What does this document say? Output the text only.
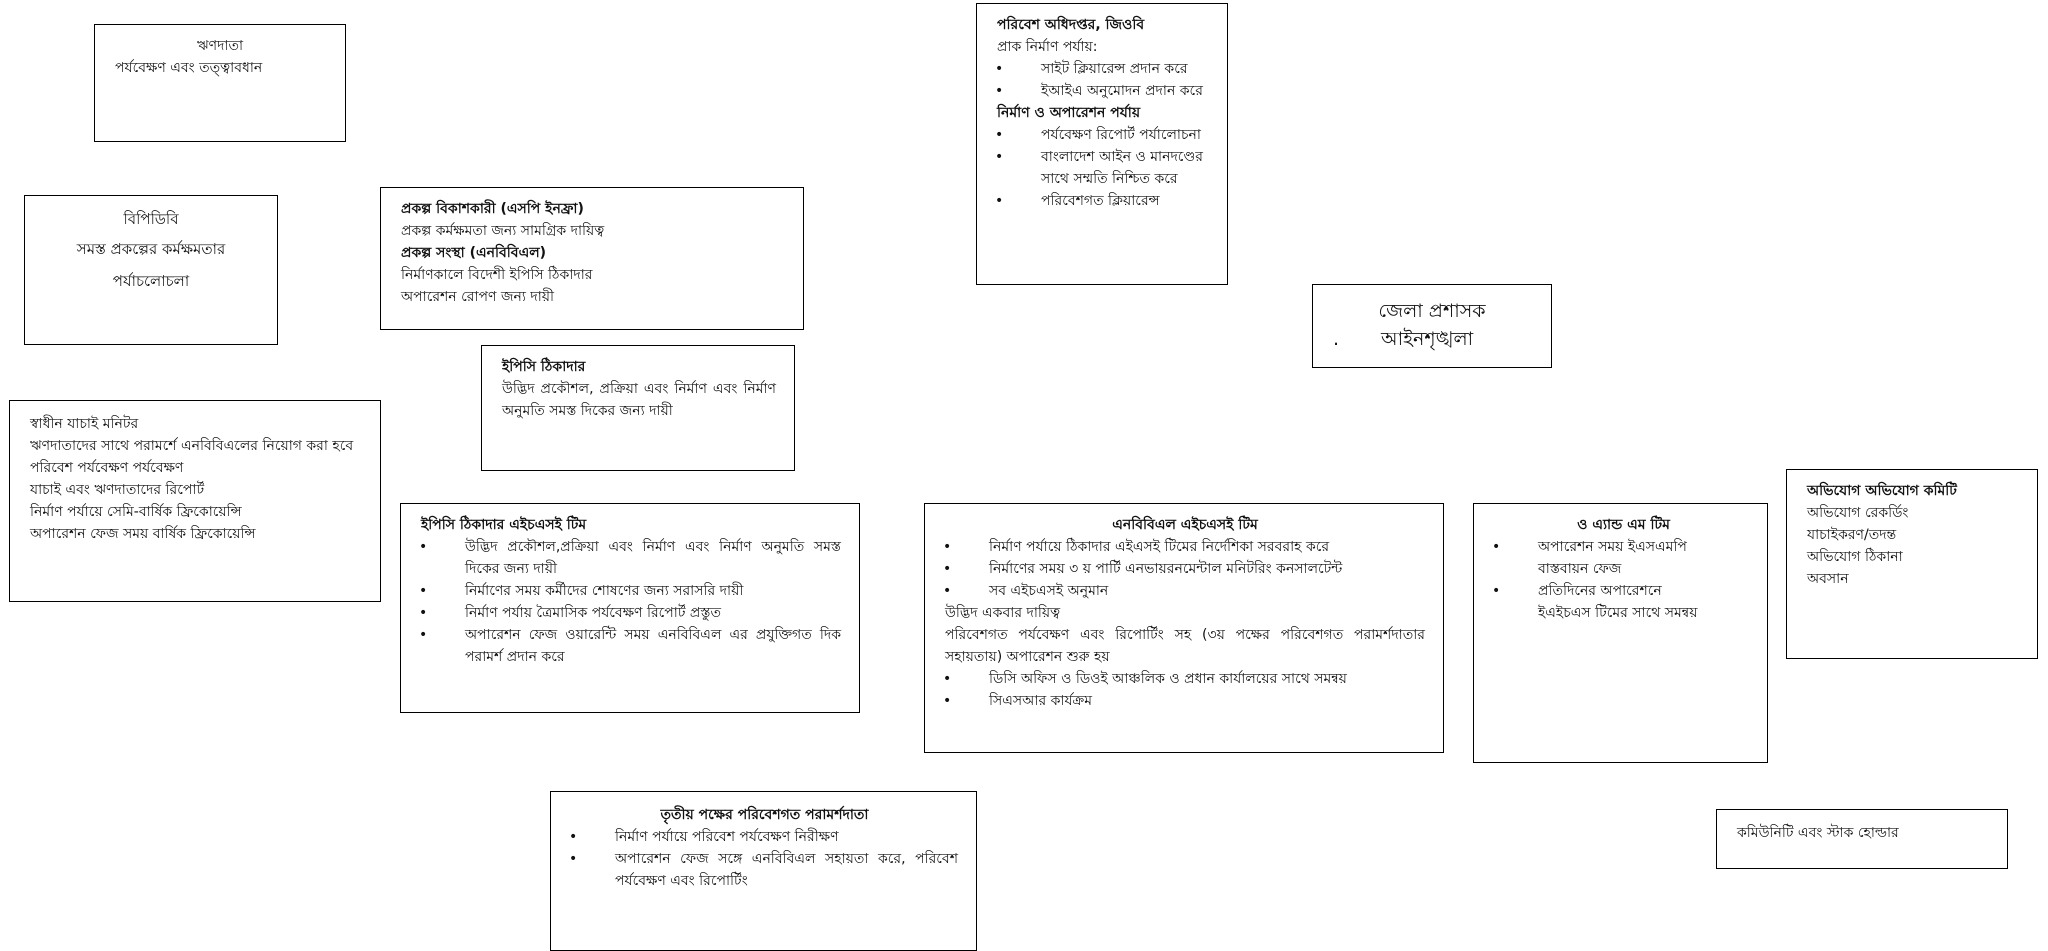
ঋণদাতা
পর্যবেক্ষণ এবং তত্ত্বাবধান
বিপিডিবি
সমস্ত প্রকল্পের কর্মক্ষমতার
পর্যাচলোচলা
প্রকল্প বিকাশকারী (এসপি ইনফ্রা)
প্রকল্প কর্মক্ষমতা জন্য সামগ্রিক দায়িত্ব
প্রকল্প সংস্থা (এনবিবিএল)
নির্মাণকালে বিদেশী ইপিসি ঠিকাদার
অপারেশন রোপণ জন্য দায়ী
ইপিসি ঠিকাদার
উদ্ভিদ প্রকৌশল, প্রক্রিয়া এবং নির্মাণ এবং নির্মাণ অনুমতি সমস্ত দিকের জন্য দায়ী
স্বাধীন যাচাই মনিটর
ঋণদাতাদের সাথে পরামর্শে এনবিবিএলের নিয়োগ করা হবে
পরিবেশ পর্যবেক্ষণ পর্যবেক্ষণ
যাচাই এবং ঋণদাতাদের রিপোর্ট
নির্মাণ পর্যায়ে সেমি-বার্ষিক ফ্রিকোয়েন্সি
অপারেশন ফেজ সময় বার্ষিক ফ্রিকোয়েন্সি
পরিবেশ অধিদপ্তর, জিওবি
প্রাক নির্মাণ পর্যায়:
• সাইট ক্লিয়ারেন্স প্রদান করে
• ইআইএ অনুমোদন প্রদান করে
নির্মাণ ও অপারেশন পর্যায়
• পর্যবেক্ষণ রিপোর্ট পর্যালোচনা
• বাংলাদেশ আইন ও মানদণ্ডের সাথে সম্মতি নিশ্চিত করে
• পরিবেশগত ক্লিয়ারেন্স
জেলা প্রশাসক
. আইনশৃঙ্খলা
ইপিসি ঠিকাদার এইচএসই টিম
• উদ্ভিদ প্রকৌশল,প্রক্রিয়া এবং নির্মাণ এবং নির্মাণ অনুমতি সমস্ত দিকের জন্য দায়ী
• নির্মাণের সময় কর্মীদের শোষণের জন্য সরাসরি দায়ী
• নির্মাণ পর্যায় ত্রৈমাসিক পর্যবেক্ষণ রিপোর্ট প্রস্তুত
• অপারেশন ফেজ ওয়ারেন্টি সময় এনবিবিএল এর প্রযুক্তিগত দিক পরামর্শ প্রদান করে
এনবিবিএল এইচএসই টিম
• নির্মাণ পর্যায়ে ঠিকাদার এইএসই টিমের নির্দেশিকা সরবরাহ করে
• নির্মাণের সময় ৩ য় পার্টি এনভায়রনমেন্টাল মনিটরিং কনসালটেন্ট
• সব এইচএসই অনুমান
উদ্ভিদ একবার দায়িত্ব
পরিবেশগত পর্যবেক্ষণ এবং রিপোর্টিং সহ (৩য় পক্ষের পরিবেশগত পরামর্শদাতার সহায়তায়) অপারেশন শুরু হয়
• ডিসি অফিস ও ডিওই আঞ্চলিক ও প্রধান কার্যালয়ের সাথে সমন্বয়
• সিএসআর কার্যক্রম
ও এ্যান্ড এম টিম
• অপারেশন সময় ইএসএমপি বাস্তবায়ন ফেজ
• প্রতিদিনের অপারেশনে ইএইচএস টিমের সাথে সমন্বয়
অভিযোগ অভিযোগ কমিটি
অভিযোগ রেকর্ডিং
যাচাইকরণ/তদন্ত
অভিযোগ ঠিকানা
অবসান
তৃতীয় পক্ষের পরিবেশগত পরামর্শদাতা
• নির্মাণ পর্যায়ে পরিবেশ পর্যবেক্ষণ নিরীক্ষণ
• অপারেশন ফেজ সঙ্গে এনবিবিএল সহায়তা করে, পরিবেশ পর্যবেক্ষণ এবং রিপোর্টিং
কমিউনিটি এবং স্টাক হোল্ডার
